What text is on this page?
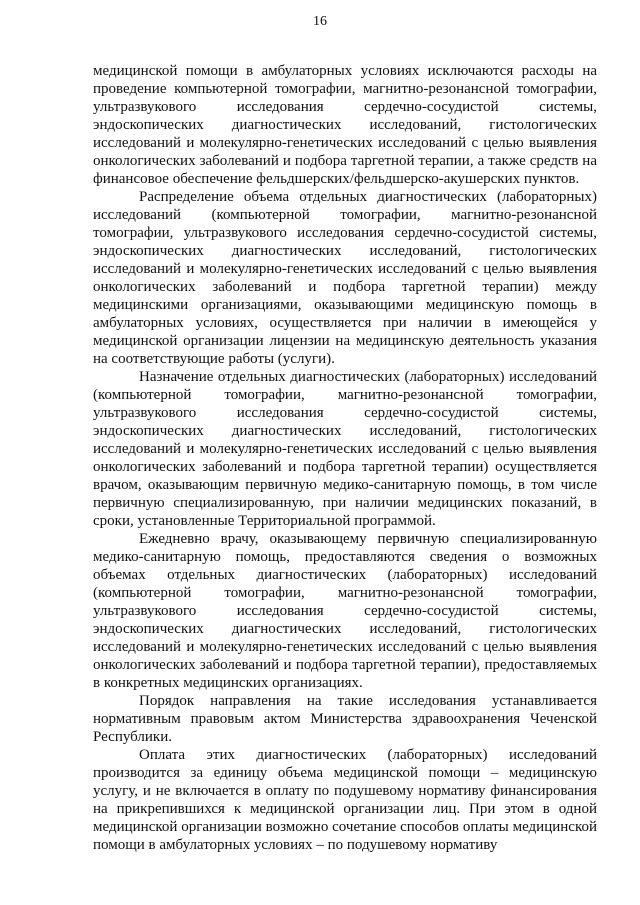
16

медицинской помощи в амбулаторных условиях исключаются расходы на проведение компьютерной томографии, магнитно-резонансной томографии, ультразвукового исследования сердечно-сосудистой системы, эндоскопических диагностических исследований, гистологических исследований и молекулярно-генетических исследований с целью выявления онкологических заболеваний и подбора таргетной терапии, а также средств на финансовое обеспечение фельдшерских/фельдшерско-акушерских пунктов.

Распределение объема отдельных диагностических (лабораторных) исследований (компьютерной томографии, магнитно-резонансной томографии, ультразвукового исследования сердечно-сосудистой системы, эндоскопических диагностических исследований, гистологических исследований и молекулярно-генетических исследований с целью выявления онкологических заболеваний и подбора таргетной терапии) между медицинскими организациями, оказывающими медицинскую помощь в амбулаторных условиях, осуществляется при наличии в имеющейся у медицинской организации лицензии на медицинскую деятельность указания на соответствующие работы (услуги).

Назначение отдельных диагностических (лабораторных) исследований (компьютерной томографии, магнитно-резонансной томографии, ультразвукового исследования сердечно-сосудистой системы, эндоскопических диагностических исследований, гистологических исследований и молекулярно-генетических исследований с целью выявления онкологических заболеваний и подбора таргетной терапии) осуществляется врачом, оказывающим первичную медико-санитарную помощь, в том числе первичную специализированную, при наличии медицинских показаний, в сроки, установленные Территориальной программой.

Ежедневно врачу, оказывающему первичную специализированную медико-санитарную помощь, предоставляются сведения о возможных объемах отдельных диагностических (лабораторных) исследований (компьютерной томографии, магнитно-резонансной томографии, ультразвукового исследования сердечно-сосудистой системы, эндоскопических диагностических исследований, гистологических исследований и молекулярно-генетических исследований с целью выявления онкологических заболеваний и подбора таргетной терапии), предоставляемых в конкретных медицинских организациях.

Порядок направления на такие исследования устанавливается нормативным правовым актом Министерства здравоохранения Чеченской Республики.

Оплата этих диагностических (лабораторных) исследований производится за единицу объема медицинской помощи – медицинскую услугу, и не включается в оплату по подушевому нормативу финансирования на прикрепившихся к медицинской организации лиц. При этом в одной медицинской организации возможно сочетание способов оплаты медицинской помощи в амбулаторных условиях – по подушевому нормативу
